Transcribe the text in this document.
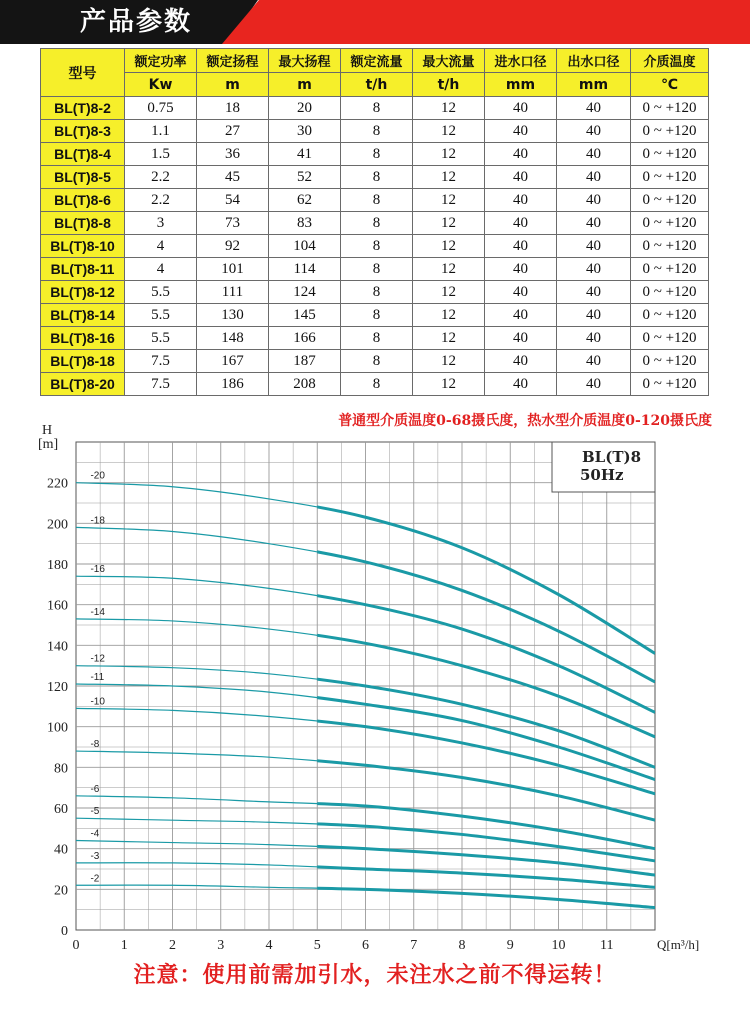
产品参数
型号	额定功率	额定扬程	最大扬程	额定流量	最大流量	进水口径	出水口径	介质温度
	Kw	m	m	t/h	t/h	mm	mm	℃
BL(T)8-2	0.75	18	20	8	12	40	40	0 ~ +120
BL(T)8-3	1.1	27	30	8	12	40	40	0 ~ +120
BL(T)8-4	1.5	36	41	8	12	40	40	0 ~ +120
BL(T)8-5	2.2	45	52	8	12	40	40	0 ~ +120
BL(T)8-6	2.2	54	62	8	12	40	40	0 ~ +120
BL(T)8-8	3	73	83	8	12	40	40	0 ~ +120
BL(T)8-10	4	92	104	8	12	40	40	0 ~ +120
BL(T)8-11	4	101	114	8	12	40	40	0 ~ +120
BL(T)8-12	5.5	111	124	8	12	40	40	0 ~ +120
BL(T)8-14	5.5	130	145	8	12	40	40	0 ~ +120
BL(T)8-16	5.5	148	166	8	12	40	40	0 ~ +120
BL(T)8-18	7.5	167	187	8	12	40	40	0 ~ +120
BL(T)8-20	7.5	186	208	8	12	40	40	0 ~ +120
普通型介质温度0-68摄氏度，热水型介质温度0-120摄氏度
0
20
40
60
80
100
120
140
160
180
200
220
0	1	2	3	4	5	6	7	8	9	10 11
H
[m]
Q[m³/h]
BL(T)8
50Hz
-20
-18
-16
-14
-12
-11
-10
-8
-6
-5
-4
-3
-2
注意：使用前需加引水，未注水之前不得运转！
